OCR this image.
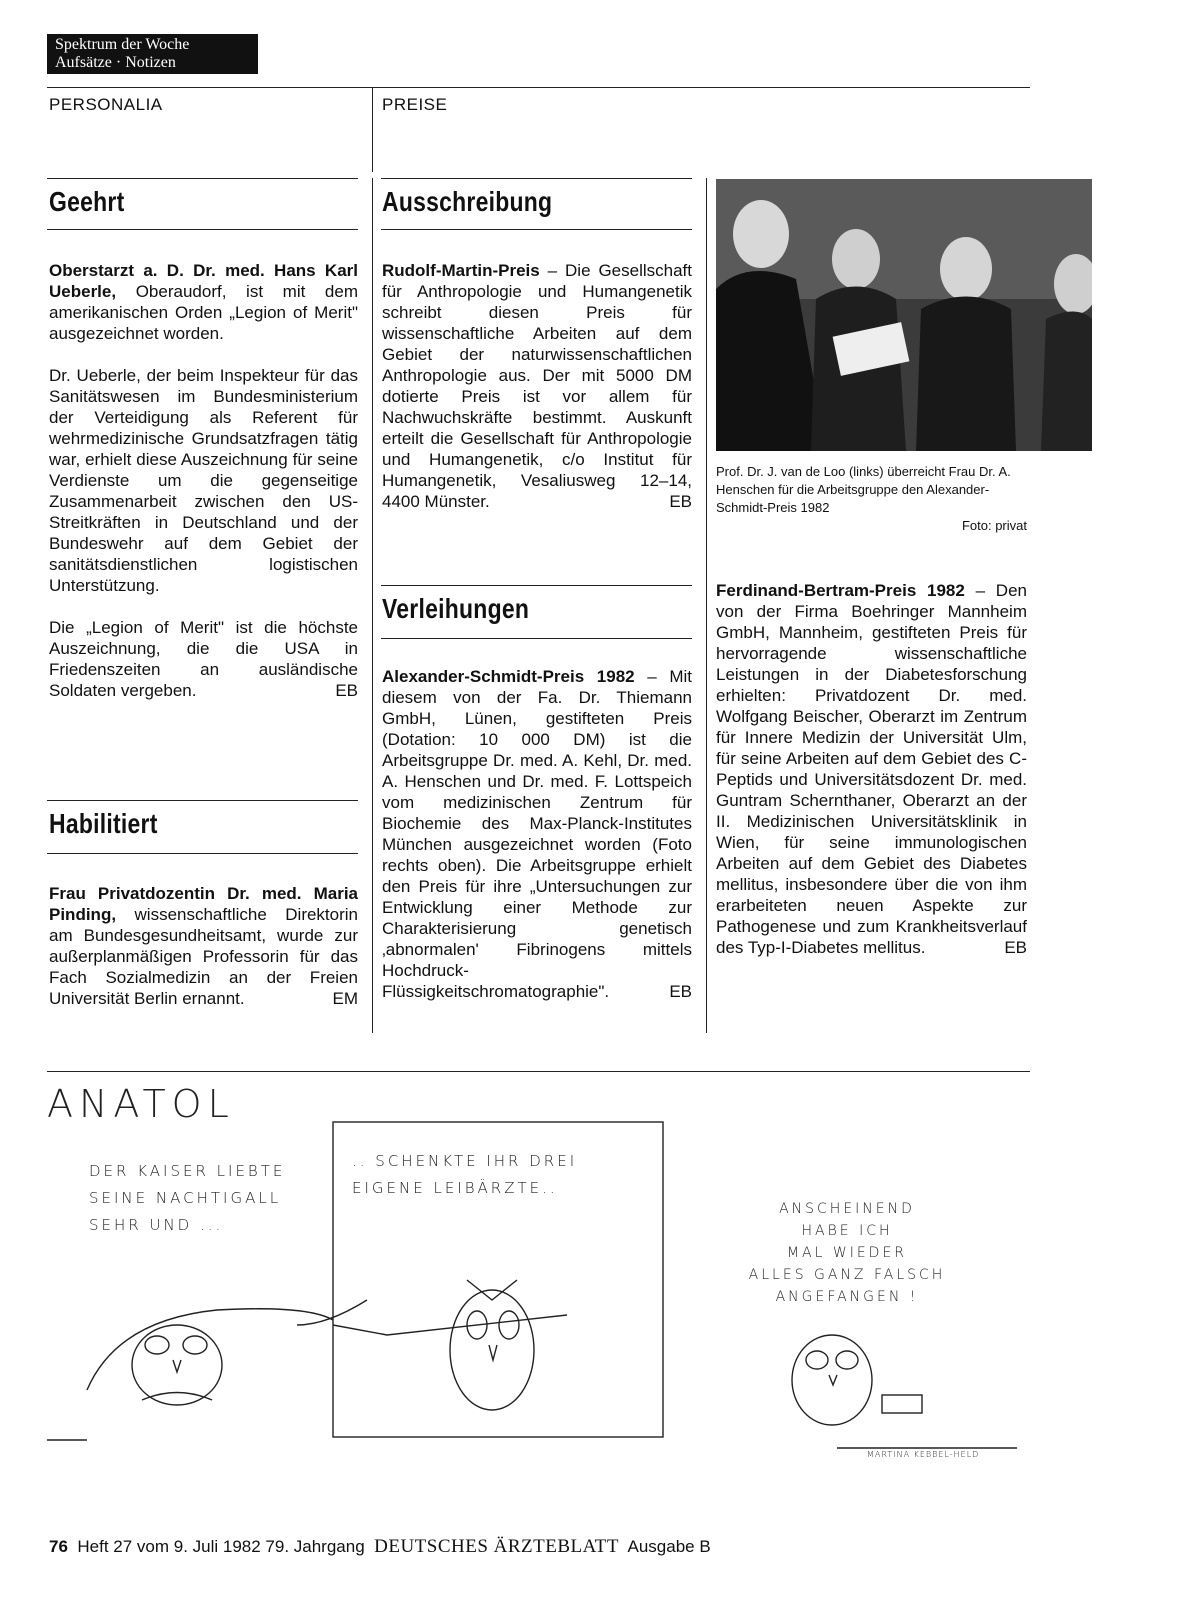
Spektrum der Woche
Aufsätze · Notizen
PERSONALIA	PREISE
Geehrt

Oberstarzt a. D. Dr. med. Hans Karl Ueberle, Oberaudorf, ist mit dem amerikanischen Orden „Legion of Merit" ausgezeichnet worden.

Dr. Ueberle, der beim Inspekteur für das Sanitätswesen im Bundesministerium der Verteidigung als Referent für wehrmedizinische Grundsatzfragen tätig war, erhielt diese Auszeichnung für seine Verdienste um die gegenseitige Zusammenarbeit zwischen den US-Streitkräften in Deutschland und der Bundeswehr auf dem Gebiet der sanitätsdienstlichen logistischen Unterstützung.

Die „Legion of Merit" ist die höchste Auszeichnung, die die USA in Friedenszeiten an ausländische Soldaten vergeben.	EB

Habilitiert

Frau Privatdozentin Dr. med. Maria Pinding, wissenschaftliche Direktorin am Bundesgesundheitsamt, wurde zur außerplanmäßigen Professorin für das Fach Sozialmedizin an der Freien Universität Berlin ernannt.	EM

Ausschreibung

Rudolf-Martin-Preis – Die Gesellschaft für Anthropologie und Humangenetik schreibt diesen Preis für wissenschaftliche Arbeiten auf dem Gebiet der naturwissenschaftlichen Anthropologie aus. Der mit 5000 DM dotierte Preis ist vor allem für Nachwuchskräfte bestimmt. Auskunft erteilt die Gesellschaft für Anthropologie und Humangenetik, c/o Institut für Humangenetik, Vesaliusweg 12–14, 4400 Münster.	EB

Verleihungen

Alexander-Schmidt-Preis 1982 – Mit diesem von der Fa. Dr. Thiemann GmbH, Lünen, gestifteten Preis (Dotation: 10 000 DM) ist die Arbeitsgruppe Dr. med. A. Kehl, Dr. med. A. Henschen und Dr. med. F. Lottspeich vom medizinischen Zentrum für Biochemie des Max-Planck-Institutes München ausgezeichnet worden (Foto rechts oben). Die Arbeitsgruppe erhielt den Preis für ihre „Untersuchungen zur Entwicklung einer Methode zur Charakterisierung genetisch ‚abnormalen' Fibrinogens mittels Hochdruck-Flüssigkeitschromatographie".	EB

Prof. Dr. J. van de Loo (links) überreicht Frau Dr. A. Henschen für die Arbeitsgruppe den Alexander-Schmidt-Preis 1982
Foto: privat

Ferdinand-Bertram-Preis 1982 – Den von der Firma Boehringer Mannheim GmbH, Mannheim, gestifteten Preis für hervorragende wissenschaftliche Leistungen in der Diabetesforschung erhielten: Privatdozent Dr. med. Wolfgang Beischer, Oberarzt im Zentrum für Innere Medizin der Universität Ulm, für seine Arbeiten auf dem Gebiet des C-Peptids und Universitätsdozent Dr. med. Guntram Schernthaner, Oberarzt an der II. Medizinischen Universitätsklinik in Wien, für seine immunologischen Arbeiten auf dem Gebiet des Diabetes mellitus, insbesondere über die von ihm erarbeiteten neuen Aspekte zur Pathogenese und zum Krankheitsverlauf des Typ-I-Diabetes mellitus.	EB

ANATOL
DER KAISER LIEBTE
SEINE NACHTIGALL
SEHR UND ...
.. SCHENKTE IHR DREI
EIGENE LEIBÄRZTE..
ANSCHEINEND
HABE ICH
MAL WIEDER
ALLES GANZ FALSCH
ANGEFANGEN !
MARTINA KEBBEL-HELD
76 Heft 27 vom 9. Juli 1982 79. Jahrgang DEUTSCHES ÄRZTEBLATT Ausgabe B
